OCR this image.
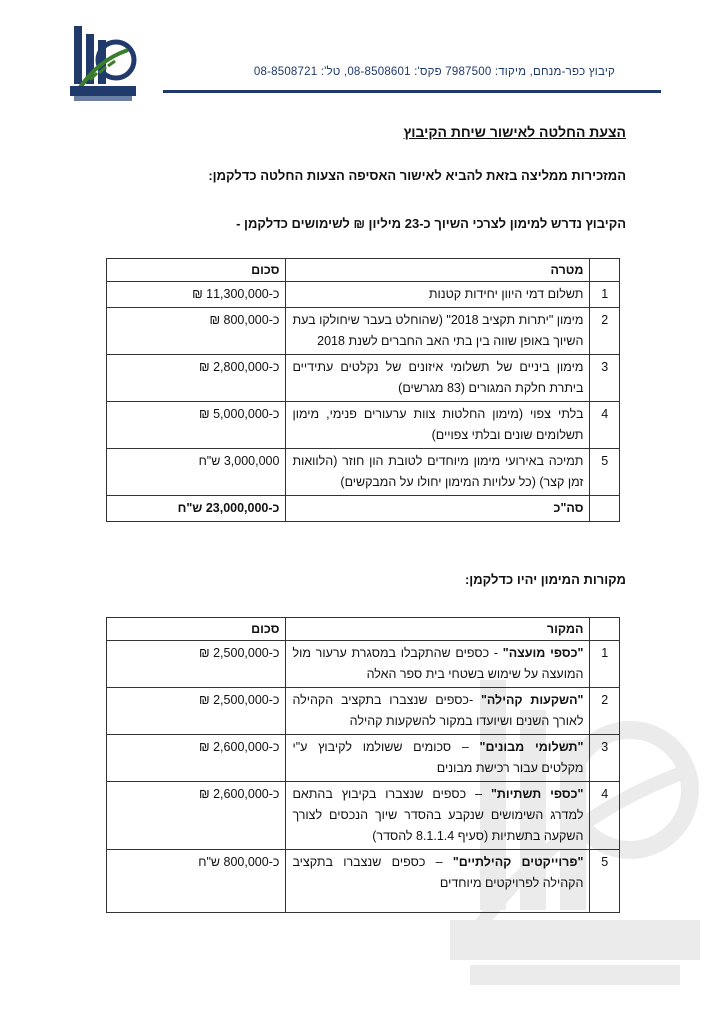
קיבוץ כפר-מנחם, מיקוד: 7987500 פקס': 08-8508601, טל': 08-8508721
הצעת החלטה לאישור שיחת הקיבוץ
המזכירות ממליצה בזאת להביא לאישור האסיפה הצעות החלטה כדלקמן:
הקיבוץ נדרש למימון לצרכי השיוך כ-23 מיליון ₪ לשימושים כדלקמן -
	מטרה	סכום
1	תשלום דמי היוון יחידות קטנות	כ-11,300,000 ₪
2	מימון "יתרות תקציב 2018" (שהוחלט בעבר שיחולקו בעת השיוך באופן שווה בין בתי האב החברים לשנת 2018	כ-800,000 ₪
3	מימון ביניים של תשלומי איזונים של נקלטים עתידיים ביתרת חלקת המגורים (83 מגרשים)	כ-2,800,000 ₪
4	בלתי צפוי (מימון החלטות צוות ערעורים פנימי, מימון תשלומים שונים ובלתי צפויים)	כ-5,000,000 ₪
5	תמיכה באירועי מימון מיוחדים לטובת הון חוזר (הלוואות זמן קצר) (כל עלויות המימון יחולו על המבקשים)	3,000,000 ש"ח
	סה"כ	כ-23,000,000 ש"ח
מקורות המימון יהיו כדלקמן:
	המקור	סכום
1	"כספי מועצה" - כספים שהתקבלו במסגרת ערעור מול המועצה על שימוש בשטחי בית ספר האלה	כ-2,500,000 ₪
2	"השקעות קהילה" -כספים שנצברו בתקציב הקהילה לאורך השנים ושיועדו במקור להשקעות קהילה	כ-2,500,000 ₪
3	"תשלומי מבונים" – סכומים ששולמו לקיבוץ ע"י מקלטים עבור רכישת מבונים	כ-2,600,000 ₪
4	"כספי תשתיות" – כספים שנצברו בקיבוץ בהתאם למדרג השימושים שנקבע בהסדר שיוך הנכסים לצורך השקעה בתשתיות (סעיף 8.1.1.4 להסדר)	כ-2,600,000 ₪
5	"פרוייקטים קהילתיים" – כספים שנצברו בתקציב הקהילה לפרויקטים מיוחדים	כ-800,000 ש"ח
